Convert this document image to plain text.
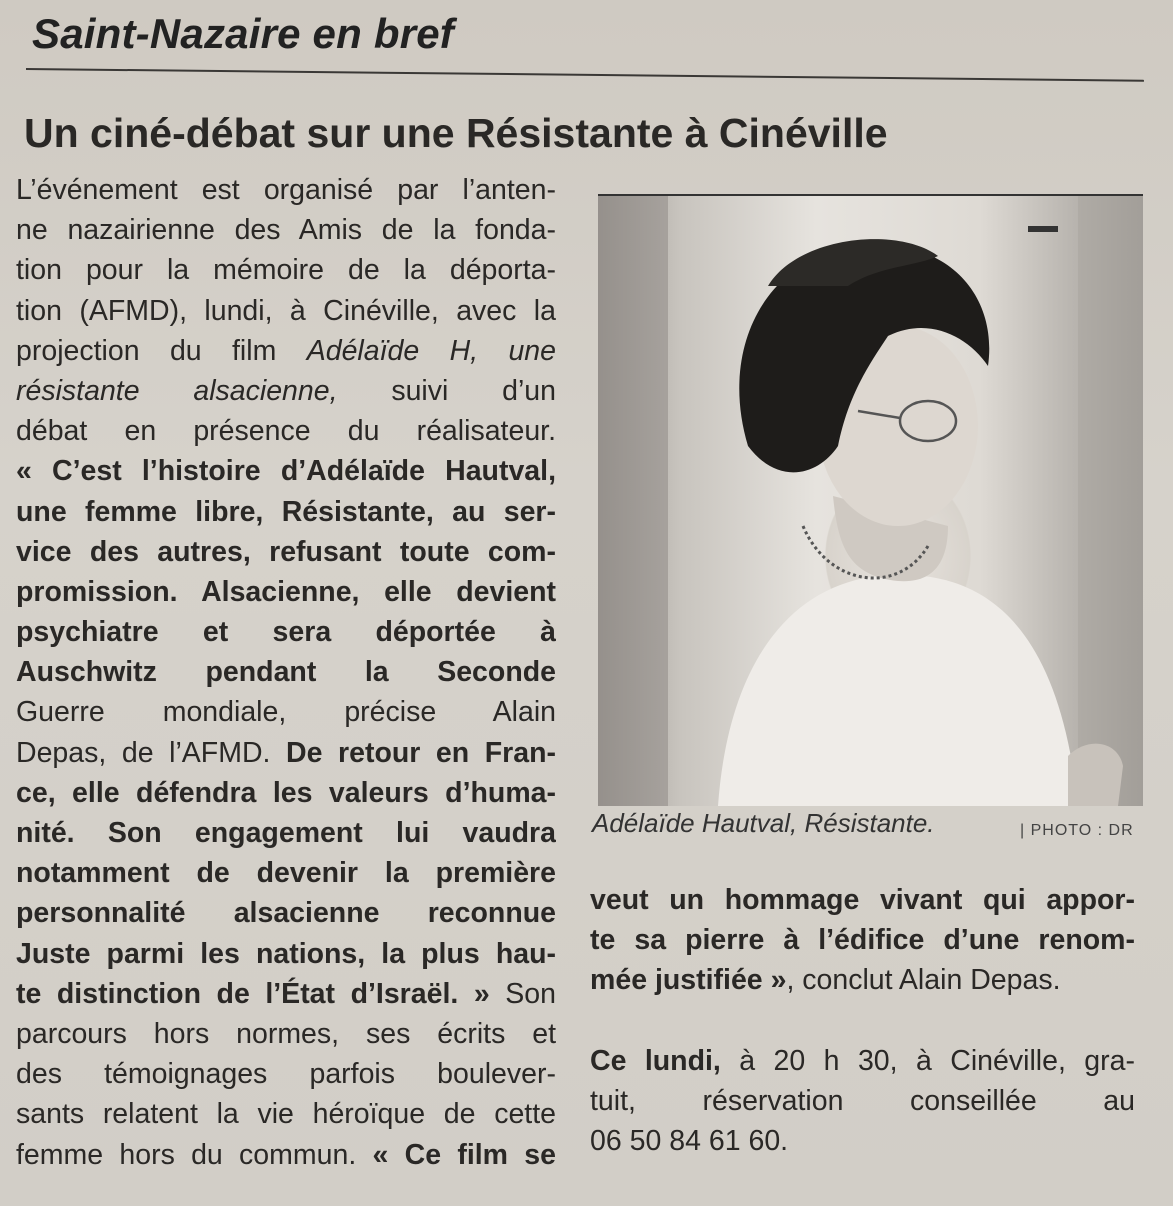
Saint-Nazaire en bref
Un ciné-débat sur une Résistante à Cinéville
L’événement est organisé par l’anten-
ne nazairienne des Amis de la fonda-
tion pour la mémoire de la déporta-
tion (AFMD), lundi, à Cinéville, avec la
projection du film Adélaïde H, une
résistante alsacienne, suivi d’un
débat en présence du réalisateur.
« C’est l’histoire d’Adélaïde Hautval,
une femme libre, Résistante, au ser-
vice des autres, refusant toute com-
promission. Alsacienne, elle devient
psychiatre et sera déportée à
Auschwitz pendant la Seconde
Guerre mondiale, précise Alain
Depas, de l’AFMD. De retour en Fran-
ce, elle défendra les valeurs d’huma-
nité. Son engagement lui vaudra
notamment de devenir la première
personnalité alsacienne reconnue
Juste parmi les nations, la plus hau-
te distinction de l’État d’Israël. » Son
parcours hors normes, ses écrits et
des témoignages parfois boulever-
sants relatent la vie héroïque de cette
femme hors du commun. « Ce film se
Adélaïde Hautval, Résistante.	| PHOTO : DR
veut un hommage vivant qui appor-
te sa pierre à l’édifice d’une renom-
mée justifiée », conclut Alain Depas.
Ce lundi, à 20 h 30, à Cinéville, gra-
tuit, réservation conseillée au
06 50 84 61 60.
